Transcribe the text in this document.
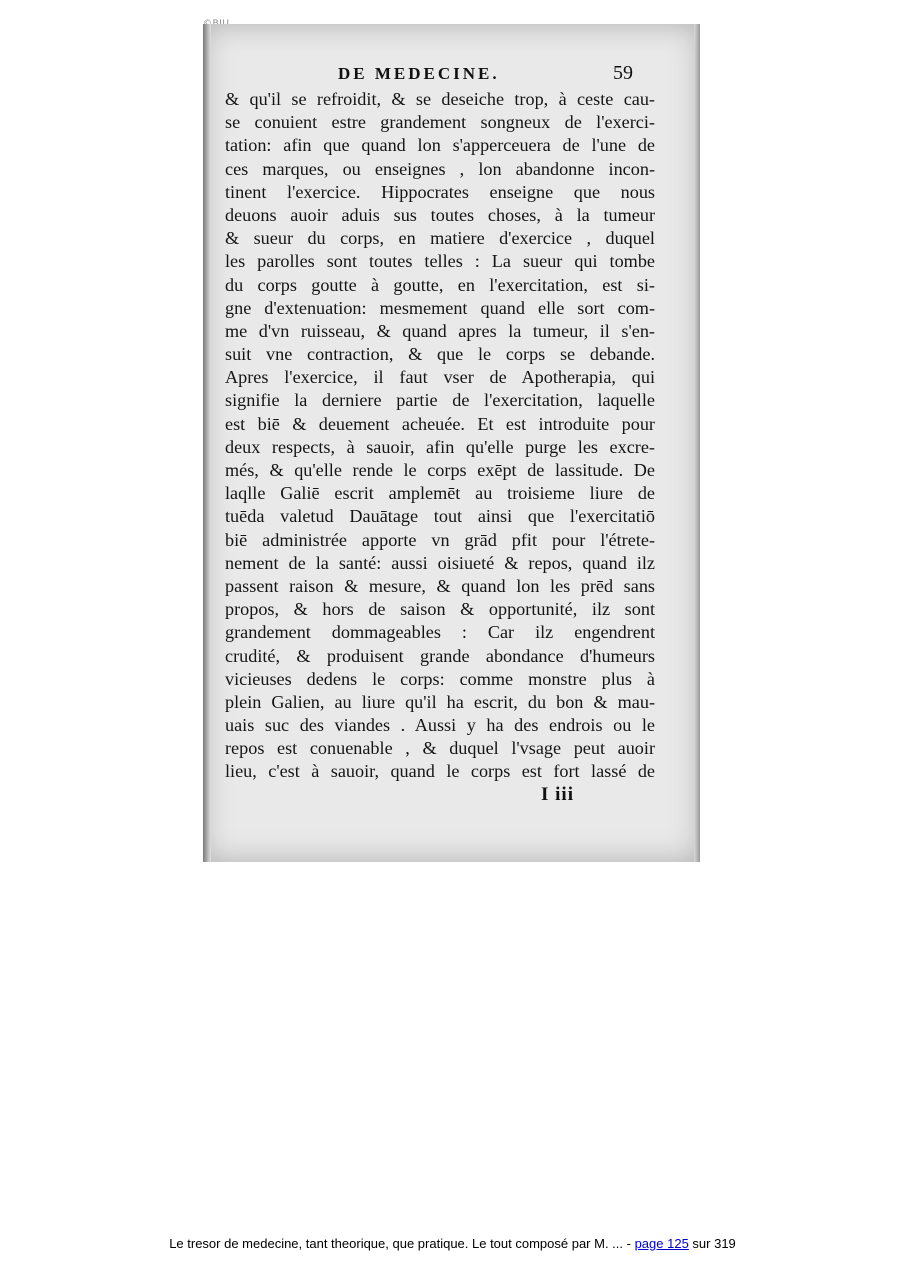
DE MEDECINE.	59
& qu'il se refroidit, & se deseiche trop, à ceste cau-
se conuient estre grandement songneux de l'exerci-
tation: afin que quand lon s'apperceuera de l'une de
ces marques, ou enseignes , lon abandonne incon-
tinent l'exercice. Hippocrates enseigne que nous
deuons auoir aduis sus toutes choses, à la tumeur
& sueur du corps, en matiere d'exercice , duquel
les parolles sont toutes telles : La sueur qui tombe
du corps goutte à goutte, en l'exercitation, est si-
gne d'extenuation: mesmement quand elle sort com-
me d'vn ruisseau, & quand apres la tumeur, il s'en-
suit vne contraction, & que le corps se debande.
Apres l'exercice, il faut vser de Apotherapia, qui
signifie la derniere partie de l'exercitation, laquelle
est biē & deuement acheuée. Et est introduite pour
deux respects, à sauoir, afin qu'elle purge les excre-
més, & qu'elle rende le corps exēpt de lassitude. De
laqlle Galiē escrit amplemēt au troisieme liure de
tuēda valetud Dauātage tout ainsi que l'exercitatiō
biē administrée apporte vn grād pfit pour l'étrete-
nement de la santé: aussi oisiueté & repos, quand ilz
passent raison & mesure, & quand lon les prēd sans
propos, & hors de saison & opportunité, ilz sont
grandement dommageables : Car ilz engendrent
crudité, & produisent grande abondance d'humeurs
vicieuses dedens le corps: comme monstre plus à
plein Galien, au liure qu'il ha escrit, du bon & mau-
uais suc des viandes . Aussi y ha des endrois ou le
repos est conuenable , & duquel l'vsage peut auoir
lieu, c'est à sauoir, quand le corps est fort lassé de
I iii
Le tresor de medecine, tant theorique, que pratique. Le tout composé par M. ... - page 125 sur 319
